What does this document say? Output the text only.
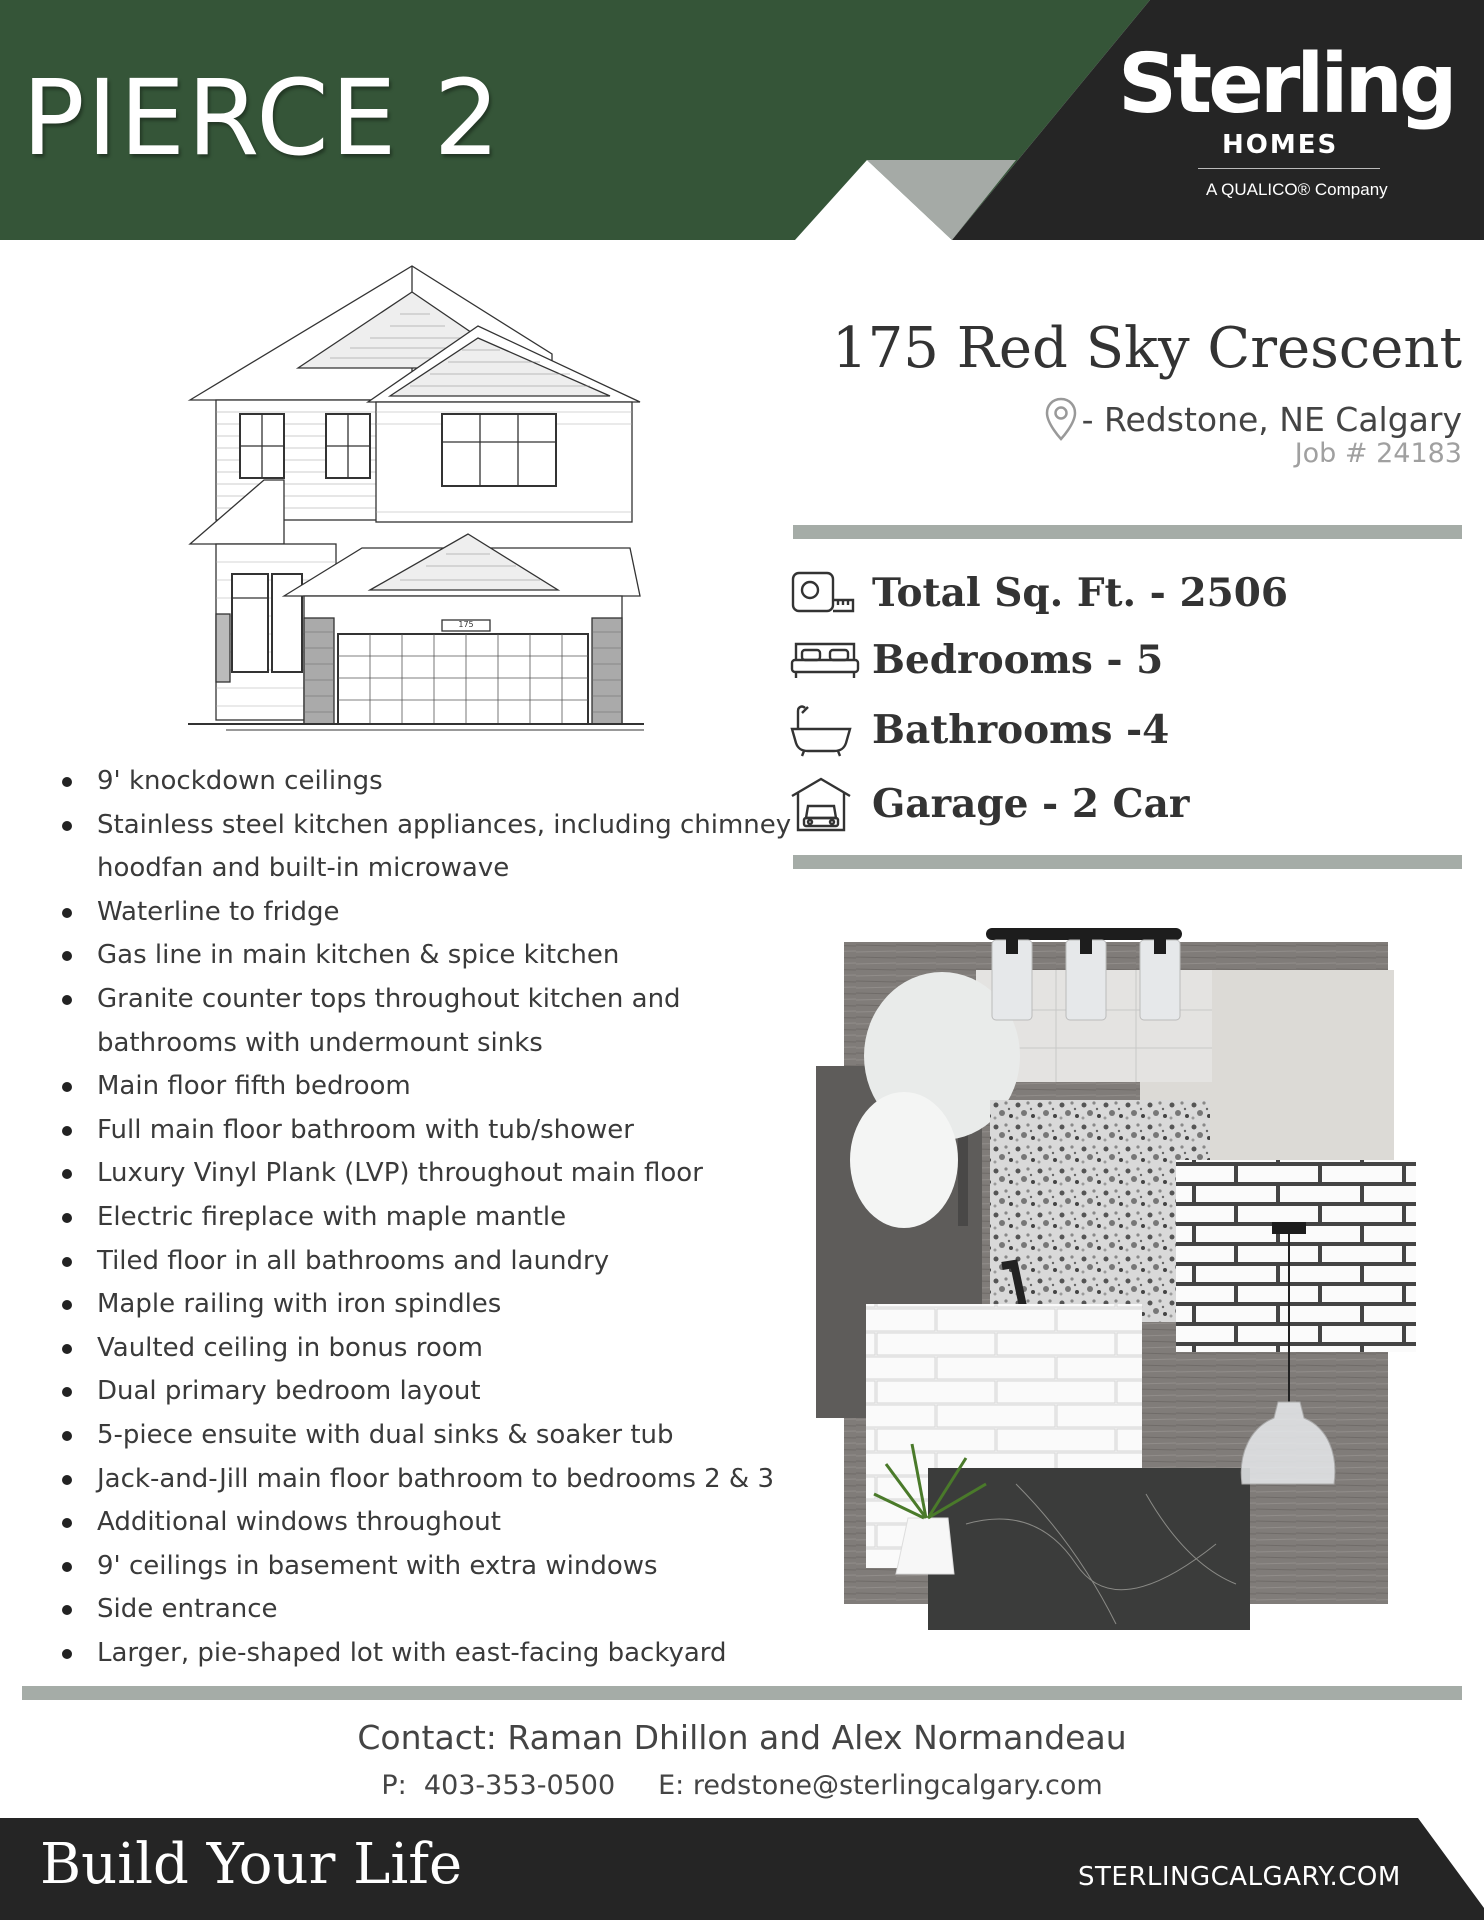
PIERCE 2	Sterling
HOMES
A QUALICO® Company
175
175 Red Sky Crescent
- Redstone, NE Calgary
Job # 24183
Total Sq. Ft. - 2506
Bedrooms - 5
Bathrooms -4
Garage - 2 Car
9' knockdown ceilings
Stainless steel kitchen appliances, including chimney hoodfan and built-in microwave
Waterline to fridge
Gas line in main kitchen & spice kitchen
Granite counter tops throughout kitchen and bathrooms with undermount sinks
Main floor fifth bedroom
Full main floor bathroom with tub/shower
Luxury Vinyl Plank (LVP) throughout main floor
Electric fireplace with maple mantle
Tiled floor in all bathrooms and laundry
Maple railing with iron spindles
Vaulted ceiling in bonus room
Dual primary bedroom layout
5-piece ensuite with dual sinks & soaker tub
Jack-and-Jill main floor bathroom to bedrooms 2 & 3
Additional windows throughout
9' ceilings in basement with extra windows
Side entrance
Larger, pie-shaped lot with east-facing backyard
Contact: Raman Dhillon and Alex Normandeau
P:  403-353-0500 E: redstone@sterlingcalgary.com
Build Your Life	STERLINGCALGARY.COM
